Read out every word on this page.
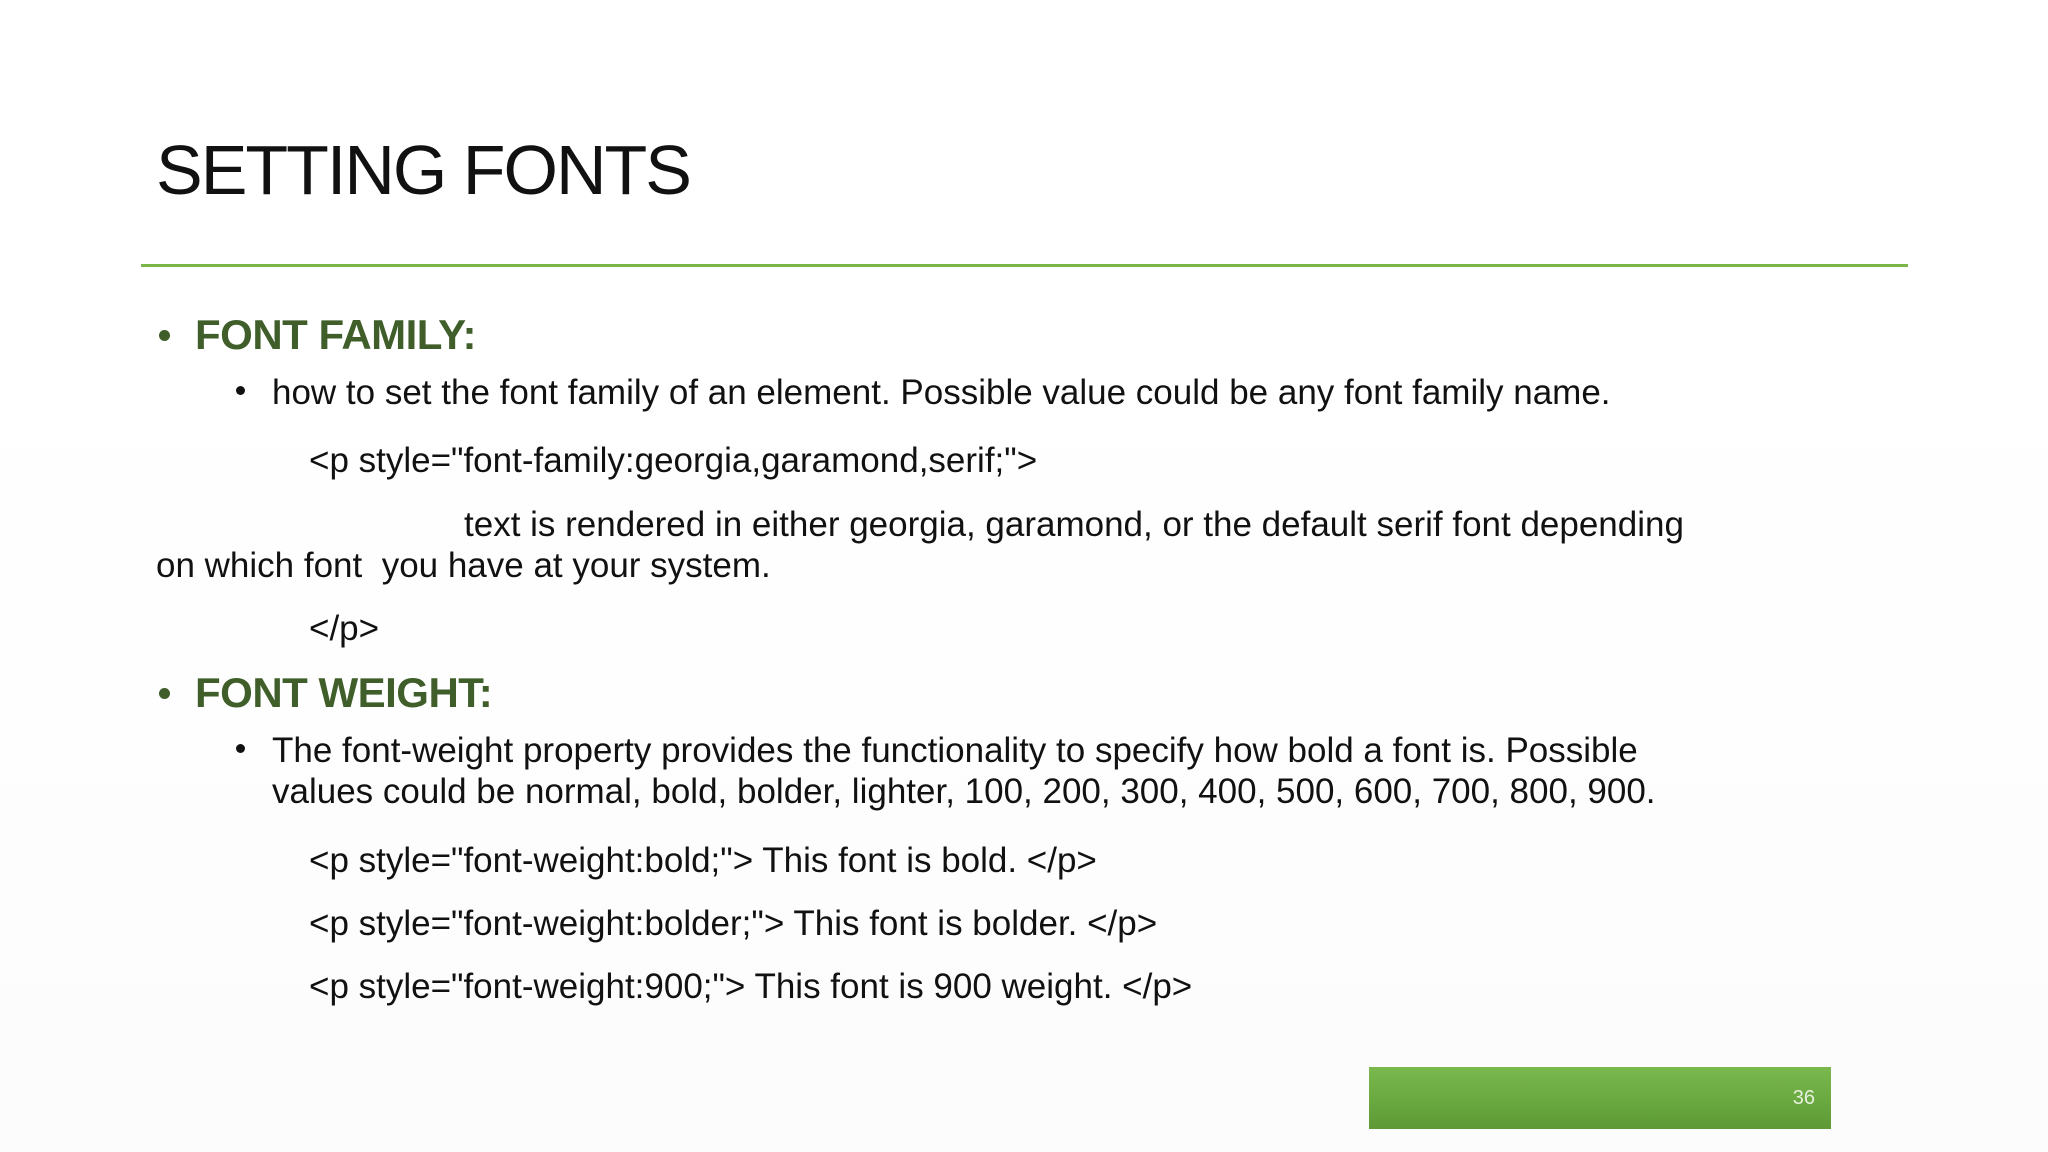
SETTING FONTS
FONT FAMILY:
how to set the font family of an element. Possible value could be any font family name.
<p style="font-family:georgia,garamond,serif;">
text is rendered in either georgia, garamond, or the default serif font depending
on which font  you have at your system.
</p>
FONT WEIGHT:
The font-weight property provides the functionality to specify how bold a font is. Possible
values could be normal, bold, bolder, lighter, 100, 200, 300, 400, 500, 600, 700, 800, 900.
<p style="font-weight:bold;"> This font is bold. </p>
<p style="font-weight:bolder;"> This font is bolder. </p>
<p style="font-weight:900;"> This font is 900 weight. </p>
36
